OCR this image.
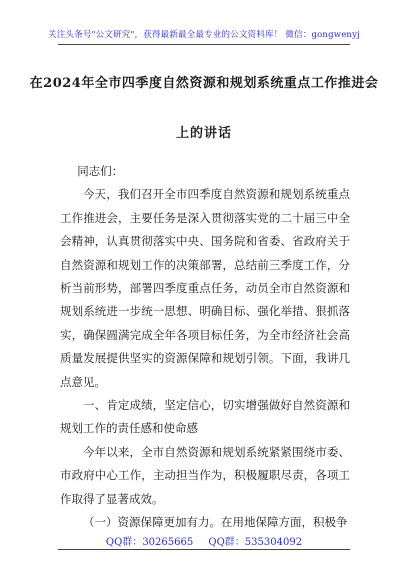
关注头条号"公文研究"，获得最新最全最专业的公文资料库！ 微信：gongwenyj
在2024年全市四季度自然资源和规划系统重点工作推进会
上的讲话

同志们：

今天，我们召开全市四季度自然资源和规划系统重点工作推进会，主要任务是深入贯彻落实党的二十届三中全会精神，认真贯彻落实中央、国务院和省委、省政府关于自然资源和规划工作的决策部署，总结前三季度工作，分析当前形势，部署四季度重点任务，动员全市自然资源和规划系统进一步统一思想、明确目标、强化举措、狠抓落实，确保圆满完成全年各项目标任务，为全市经济社会高质量发展提供坚实的资源保障和规划引领。下面，我讲几点意见。

一、肯定成绩，坚定信心，切实增强做好自然资源和规划工作的责任感和使命感

今年以来，全市自然资源和规划系统紧紧围绕市委、市政府中心工作，主动担当作为，积极履职尽责，各项工作取得了显著成效。

（一）资源保障更加有力。在用地保障方面，积极争

QQ群：30265665 QQ群：535304092
